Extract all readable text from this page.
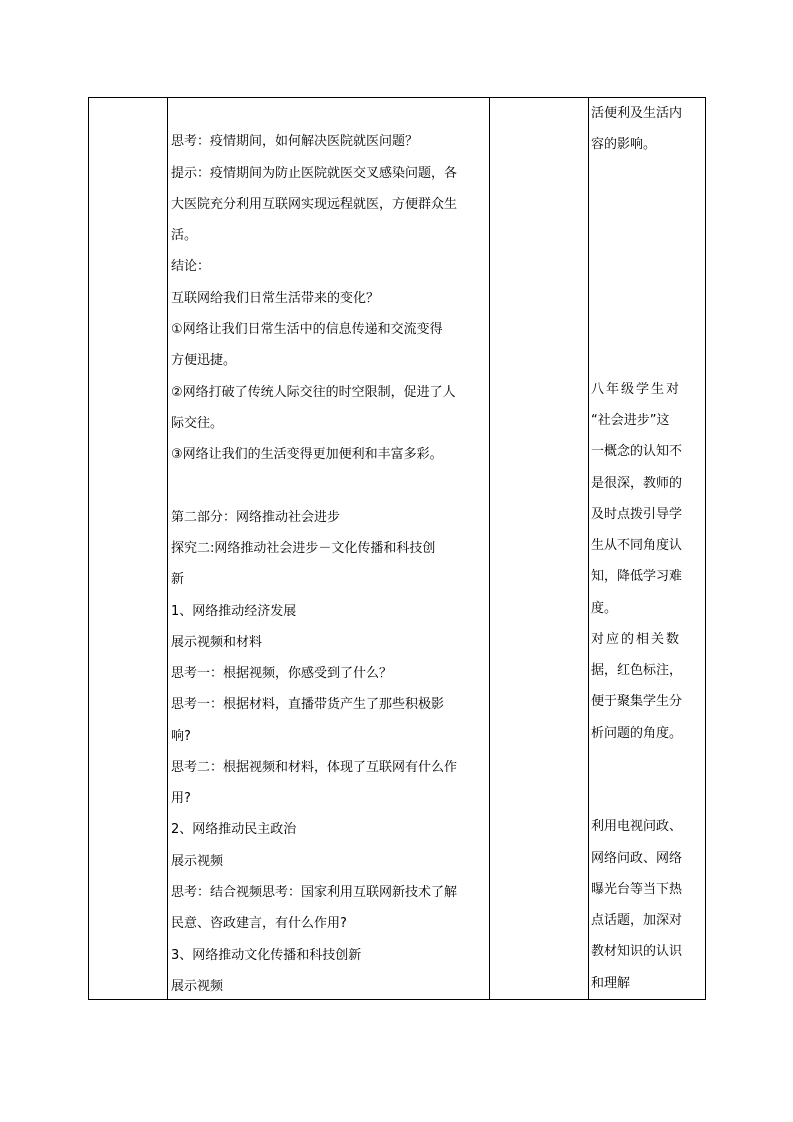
思考：疫情期间，如何解决医院就医问题？
提示：疫情期间为防止医院就医交叉感染问题，各
大医院充分利用互联网实现远程就医，方便群众生
活。
结论：
互联网给我们日常生活带来的变化？
①网络让我们日常生活中的信息传递和交流变得
方便迅捷。
②网络打破了传统人际交往的时空限制，促进了人
际交往。
③网络让我们的生活变得更加便利和丰富多彩。
第二部分：网络推动社会进步
探究二:网络推动社会进步－文化传播和科技创
新
1、网络推动经济发展
展示视频和材料
思考一：根据视频，你感受到了什么？
思考一：根据材料，直播带货产生了那些积极影
响?
思考二：根据视频和材料，体现了互联网有什么作
用?
2、网络推动民主政治
展示视频
思考：结合视频思考：国家利用互联网新技术了解
民意、咨政建言，有什么作用?
3、网络推动文化传播和科技创新
展示视频
活便利及生活内
容的影响。
八年级学生对
“社会进步”这
一概念的认知不
是很深，教师的
及时点拨引导学
生从不同角度认
知，降低学习难
度。
对应的相关数
据，红色标注，
便于聚集学生分
析问题的角度。
利用电视问政、
网络问政、网络
曝光台等当下热
点话题，加深对
教材知识的认识
和理解
